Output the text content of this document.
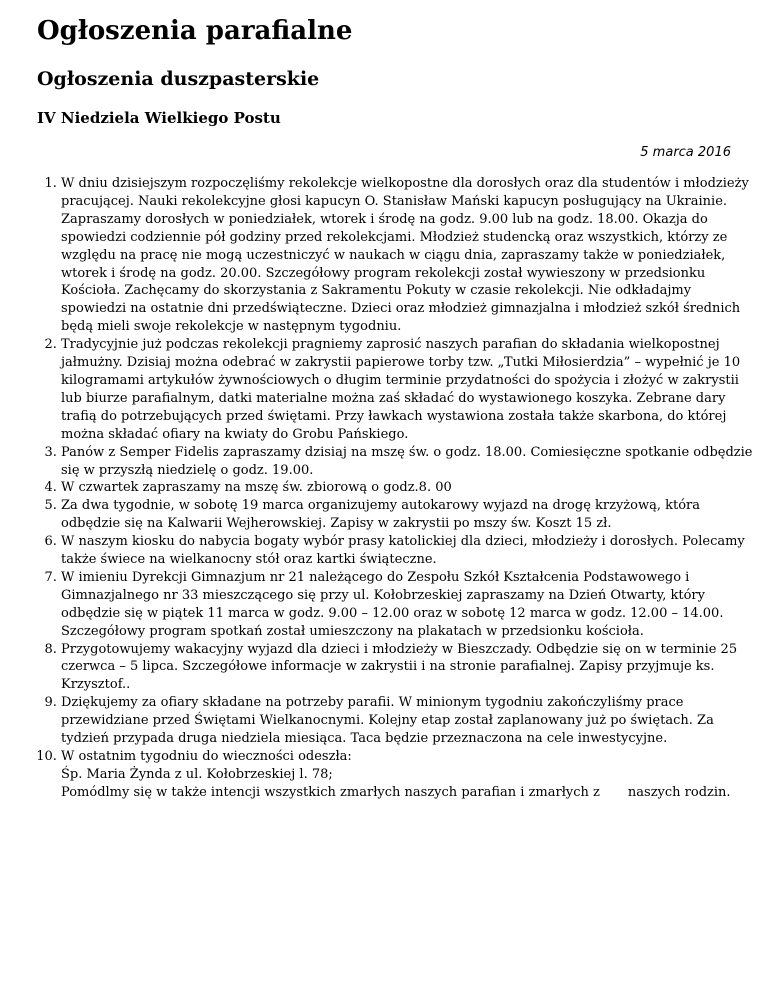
Ogłoszenia parafialne
Ogłoszenia duszpasterskie
IV Niedziela Wielkiego Postu
5 marca 2016
1. W dniu dzisiejszym rozpoczęliśmy rekolekcje wielkopostne dla dorosłych oraz dla studentów i młodzieży pracującej. Nauki rekolekcyjne głosi kapucyn O. Stanisław Mański kapucyn posługujący na Ukrainie. Zapraszamy dorosłych w poniedziałek, wtorek i środę na godz. 9.00 lub na godz. 18.00. Okazja do spowiedzi codziennie pół godziny przed rekolekcjami. Młodzież studencką oraz wszystkich, którzy ze względu na pracę nie mogą uczestniczyć w naukach w ciągu dnia, zapraszamy także w poniedziałek, wtorek i środę na godz. 20.00. Szczegółowy program rekolekcji został wywieszony w przedsionku Kościoła. Zachęcamy do skorzystania z Sakramentu Pokuty w czasie rekolekcji. Nie odkładajmy spowiedzi na ostatnie dni przedświąteczne. Dzieci oraz młodzież gimnazjalna i młodzież szkół średnich będą mieli swoje rekolekcje w następnym tygodniu.
2. Tradycyjnie już podczas rekolekcji pragniemy zaprosić naszych parafian do składania wielkopostnej jałmużny. Dzisiaj można odebrać w zakrystii papierowe torby tzw. „Tutki Miłosierdzia” – wypełnić je 10 kilogramami artykułów żywnościowych o długim terminie przydatności do spożycia i złożyć w zakrystii lub biurze parafialnym, datki materialne można zaś składać do wystawionego koszyka. Zebrane dary trafią do potrzebujących przed świętami. Przy ławkach wystawiona została także skarbona, do której można składać ofiary na kwiaty do Grobu Pańskiego.
3. Panów z Semper Fidelis zapraszamy dzisiaj na mszę św. o godz. 18.00. Comiesięczne spotkanie odbędzie się w przyszłą niedzielę o godz. 19.00.
4. W czwartek zapraszamy na mszę św. zbiorową o godz.8. 00
5. Za dwa tygodnie, w sobotę 19 marca organizujemy autokarowy wyjazd na drogę krzyżową, która odbędzie się na Kalwarii Wejherowskiej. Zapisy w zakrystii po mszy św. Koszt 15 zł.
6. W naszym kiosku do nabycia bogaty wybór prasy katolickiej dla dzieci, młodzieży i dorosłych. Polecamy także świece na wielkanocny stół oraz kartki świąteczne.
7. W imieniu Dyrekcji Gimnazjum nr 21 należącego do Zespołu Szkół Kształcenia Podstawowego i Gimnazjalnego nr 33 mieszczącego się przy ul. Kołobrzeskiej zapraszamy na Dzień Otwarty, który odbędzie się w piątek 11 marca w godz. 9.00 – 12.00 oraz w sobotę 12 marca w godz. 12.00 – 14.00. Szczegółowy program spotkań został umieszczony na plakatach w przedsionku kościoła.
8. Przygotowujemy wakacyjny wyjazd dla dzieci i młodzieży w Bieszczady. Odbędzie się on w terminie 25 czerwca – 5 lipca. Szczegółowe informacje w zakrystii i na stronie parafialnej. Zapisy przyjmuje ks. Krzysztof..
9. Dziękujemy za ofiary składane na potrzeby parafii. W minionym tygodniu zakończyliśmy prace przewidziane przed Świętami Wielkanocnymi. Kolejny etap został zaplanowany już po świętach. Za tydzień przypada druga niedziela miesiąca. Taca będzie przeznaczona na cele inwestycyjne.
10. W ostatnim tygodniu do wieczności odeszła:
Śp. Maria Żynda z ul. Kołobrzeskiej l. 78;
Pomódlmy się w także intencji wszystkich zmarłych naszych parafian i zmarłych z naszych rodzin.
